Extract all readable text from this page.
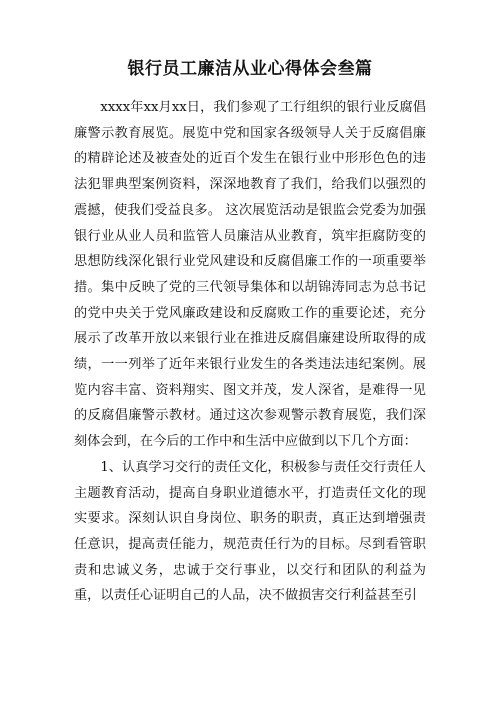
银行员工廉洁从业心得体会叁篇

xxxx年xx月xx日，我们参观了工行组织的银行业反腐倡廉警示教育展览。展览中党和国家各级领导人关于反腐倡廉的精辟论述及被查处的近百个发生在银行业中形形色色的违法犯罪典型案例资料，深深地教育了我们，给我们以强烈的震撼，使我们受益良多。 这次展览活动是银监会党委为加强银行业从业人员和监管人员廉洁从业教育，筑牢拒腐防变的思想防线深化银行业党风建设和反腐倡廉工作的一项重要举措。集中反映了党的三代领导集体和以胡锦涛同志为总书记的党中央关于党风廉政建设和反腐败工作的重要论述，充分展示了改革开放以来银行业在推进反腐倡廉建设所取得的成绩，一一列举了近年来银行业发生的各类违法违纪案例。展览内容丰富、资料翔实、图文并茂，发人深省，是难得一见的反腐倡廉警示教材。通过这次参观警示教育展览，我们深刻体会到，在今后的工作中和生活中应做到以下几个方面：

1、认真学习交行的责任文化，积极参与责任交行责任人主题教育活动，提高自身职业道德水平，打造责任文化的现实要求。深刻认识自身岗位、职务的职责，真正达到增强责任意识，提高责任能力，规范责任行为的目标。尽到看管职责和忠诚义务，忠诚于交行事业，以交行和团队的利益为重，以责任心证明自己的人品，决不做损害交行利益甚至引
